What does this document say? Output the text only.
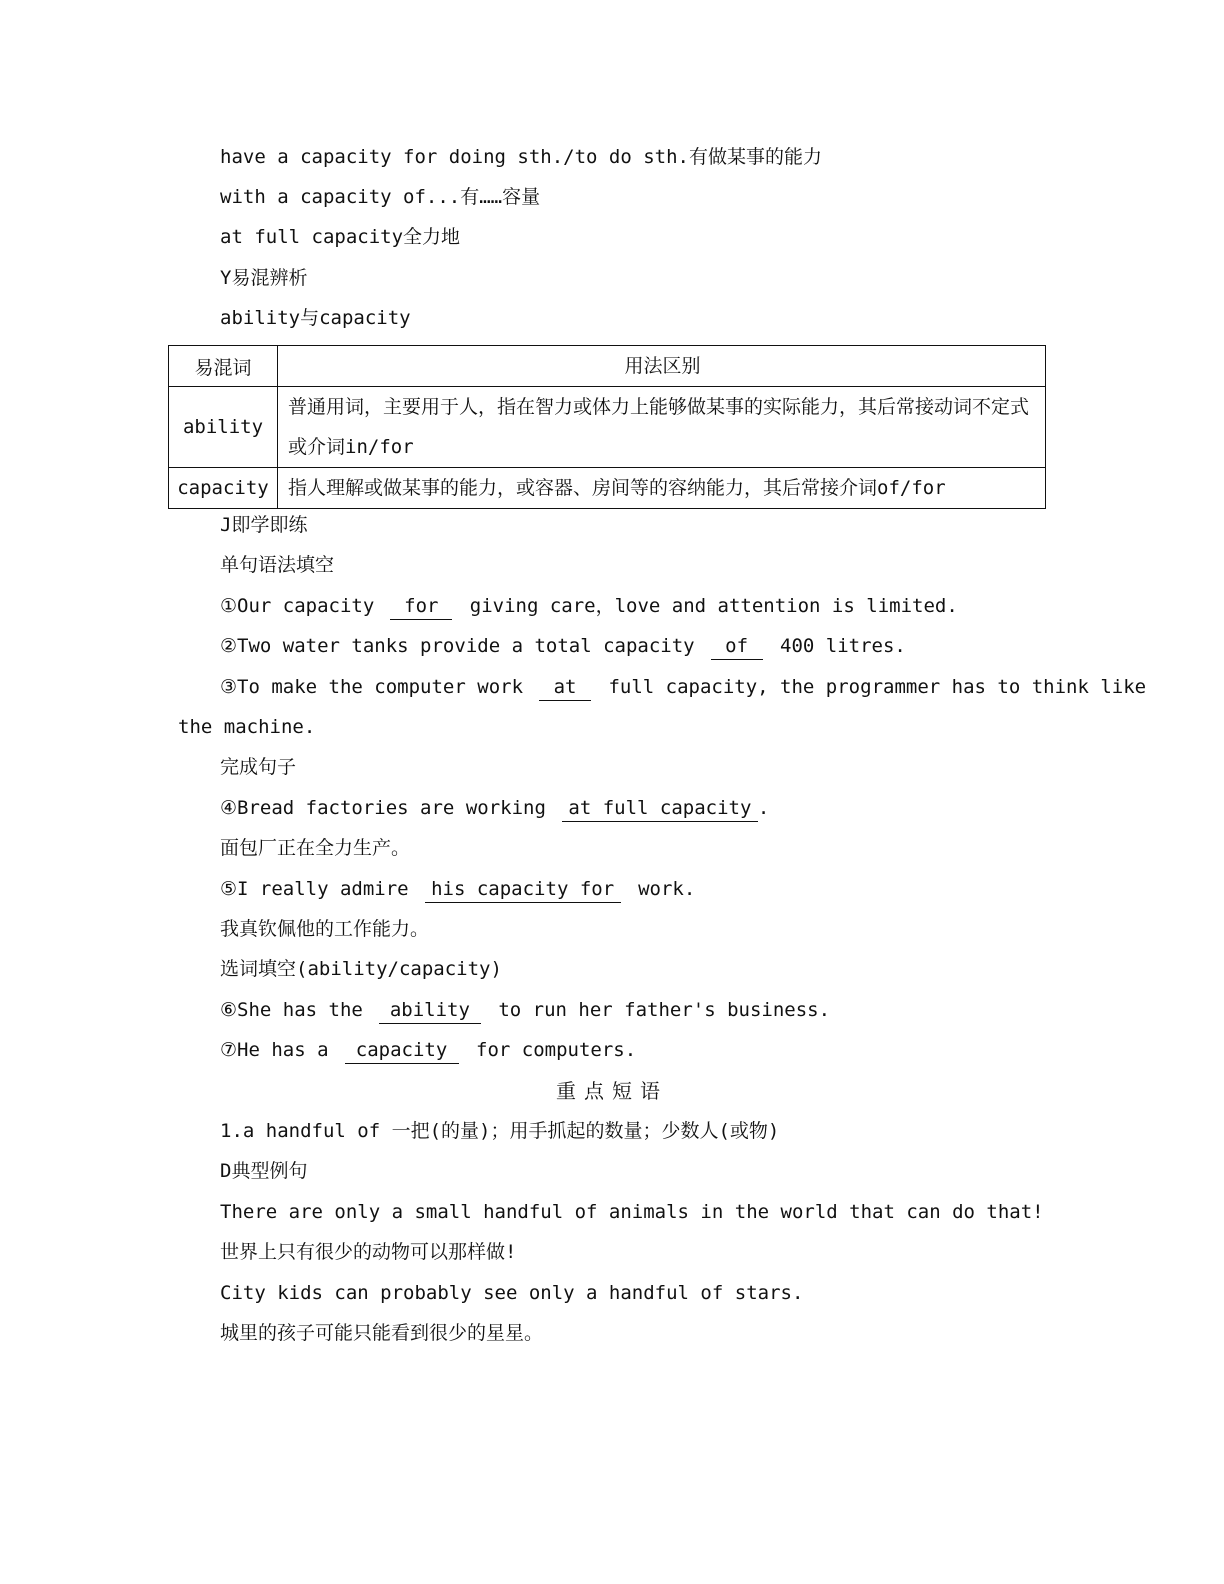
have a capacity for doing sth./to do sth.有做某事的能力
with a capacity of...有……容量
at full capacity全力地
Y易混辨析
ability与capacity
易混词	用法区别
ability	普通用词，主要用于人，指在智力或体力上能够做某事的实际能力，其后常接动词不定式或介词in/for
capacity	指人理解或做某事的能力，或容器、房间等的容纳能力，其后常接介词of/for
J即学即练
单句语法填空
①Our capacity for giving care，love and attention is limited.
②Two water tanks provide a total capacity of 400 litres.
③To make the computer work at full capacity, the programmer has to think like
the machine.
完成句子
④Bread factories are working at full capacity .
面包厂正在全力生产。
⑤I really admire his capacity for work.
我真钦佩他的工作能力。
选词填空(ability/capacity)
⑥She has the ability to run her father's business.
⑦He has a capacity for computers.
重点短语
1.a handful of 一把(的量)；用手抓起的数量；少数人(或物)
D典型例句
There are only a small handful of animals in the world that can do that!
世界上只有很少的动物可以那样做!
City kids can probably see only a handful of stars.
城里的孩子可能只能看到很少的星星。
